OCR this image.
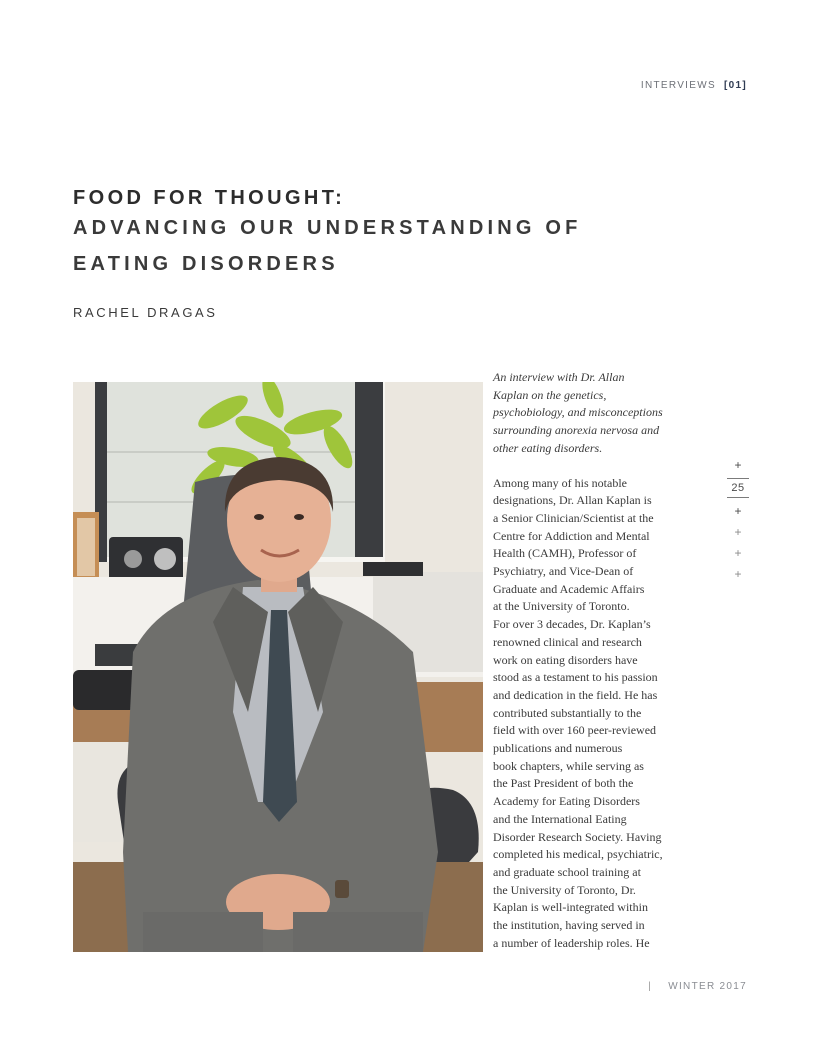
INTERVIEWS [01]
FOOD FOR THOUGHT:
ADVANCING OUR UNDERSTANDING OF EATING DISORDERS
RACHEL DRAGAS
An interview with Dr. Allan
Kaplan on the genetics,
psychobiology, and misconceptions
surrounding anorexia nervosa and
other eating disorders.
Among many of his notable
designations, Dr. Allan Kaplan is
a Senior Clinician/Scientist at the
Centre for Addiction and Mental
Health (CAMH), Professor of
Psychiatry, and Vice-Dean of
Graduate and Academic Affairs
at the University of Toronto.
For over 3 decades, Dr. Kaplan’s
renowned clinical and research
work on eating disorders have
stood as a testament to his passion
and dedication in the field. He has
contributed substantially to the
field with over 160 peer-reviewed
publications and numerous
book chapters, while serving as
the Past President of both the
Academy for Eating Disorders
and the International Eating
Disorder Research Society. Having
completed his medical, psychiatric,
and graduate school training at
the University of Toronto, Dr.
Kaplan is well-integrated within
the institution, having served in
a number of leadership roles. He
+
25
+
+
+
+
| WINTER 2017
